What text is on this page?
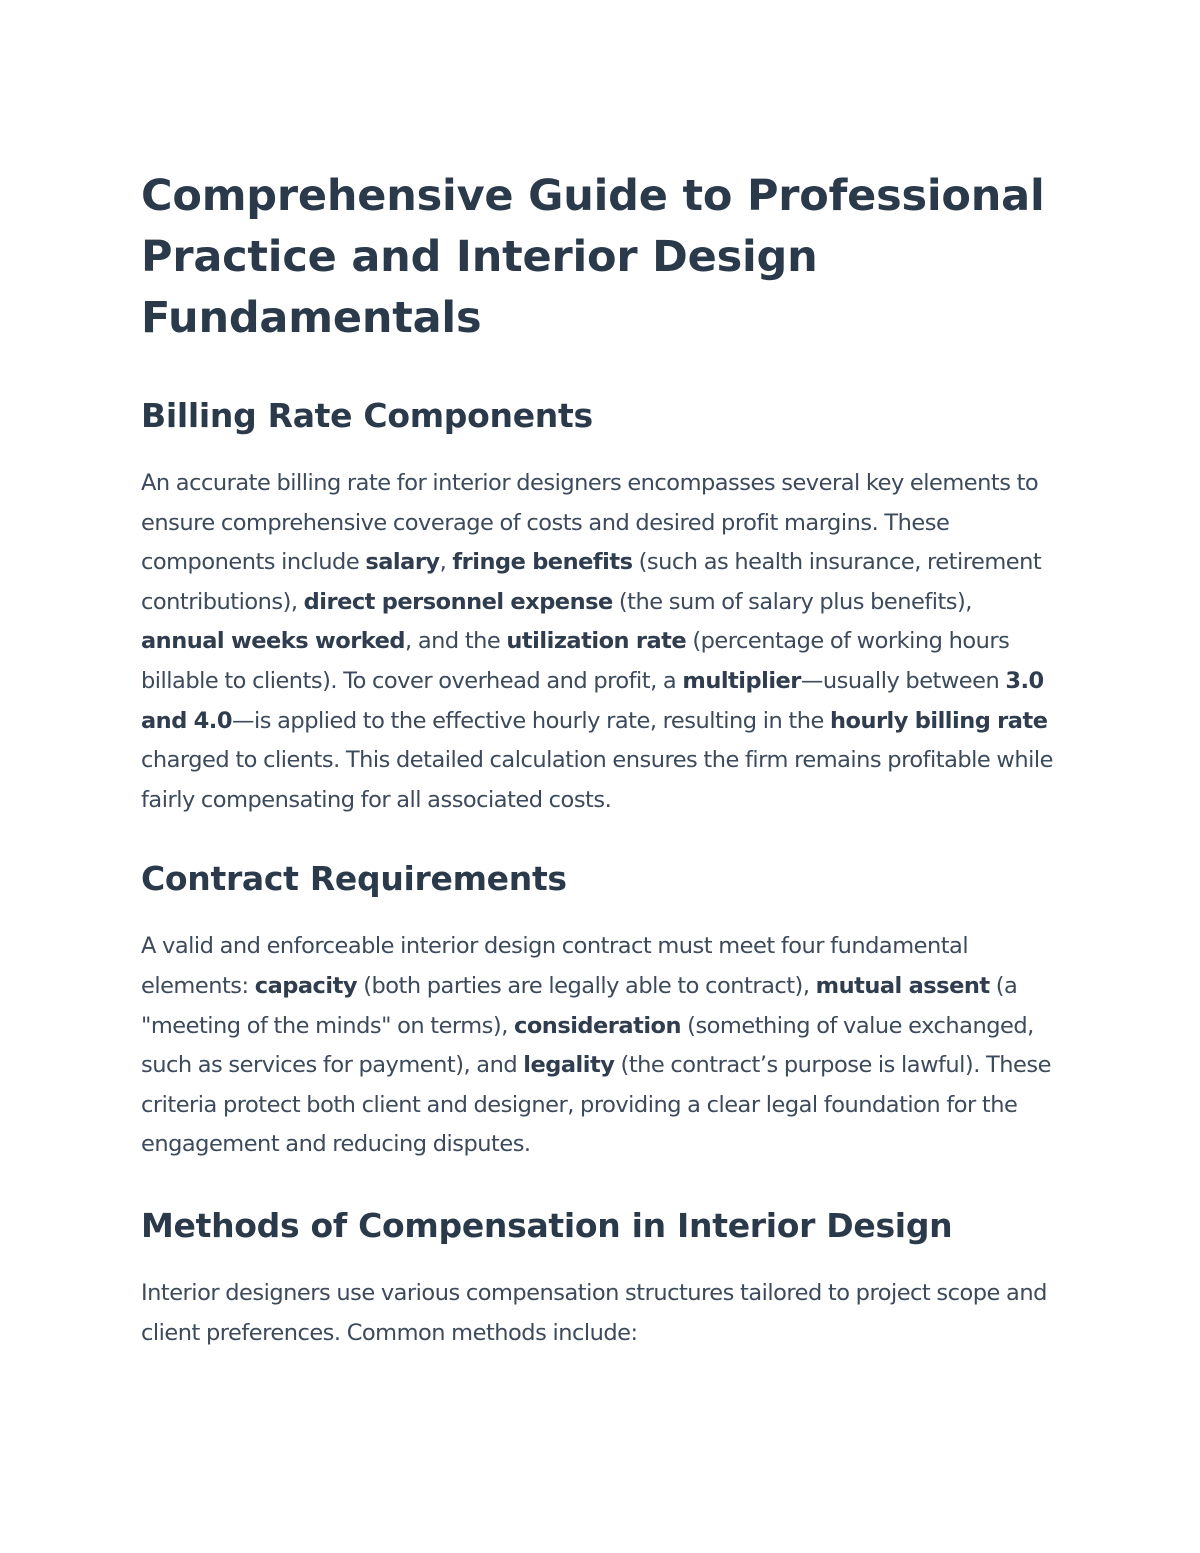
Comprehensive Guide to Professional Practice and Interior Design Fundamentals
Billing Rate Components

An accurate billing rate for interior designers encompasses several key elements to ensure comprehensive coverage of costs and desired profit margins. These components include salary, fringe benefits (such as health insurance, retirement contributions), direct personnel expense (the sum of salary plus benefits), annual weeks worked, and the utilization rate (percentage of working hours billable to clients). To cover overhead and profit, a multiplier—usually between 3.0 and 4.0—is applied to the effective hourly rate, resulting in the hourly billing rate charged to clients. This detailed calculation ensures the firm remains profitable while fairly compensating for all associated costs.

Contract Requirements

A valid and enforceable interior design contract must meet four fundamental elements: capacity (both parties are legally able to contract), mutual assent (a "meeting of the minds" on terms), consideration (something of value exchanged, such as services for payment), and legality (the contract’s purpose is lawful). These criteria protect both client and designer, providing a clear legal foundation for the engagement and reducing disputes.

Methods of Compensation in Interior Design

Interior designers use various compensation structures tailored to project scope and client preferences. Common methods include:
